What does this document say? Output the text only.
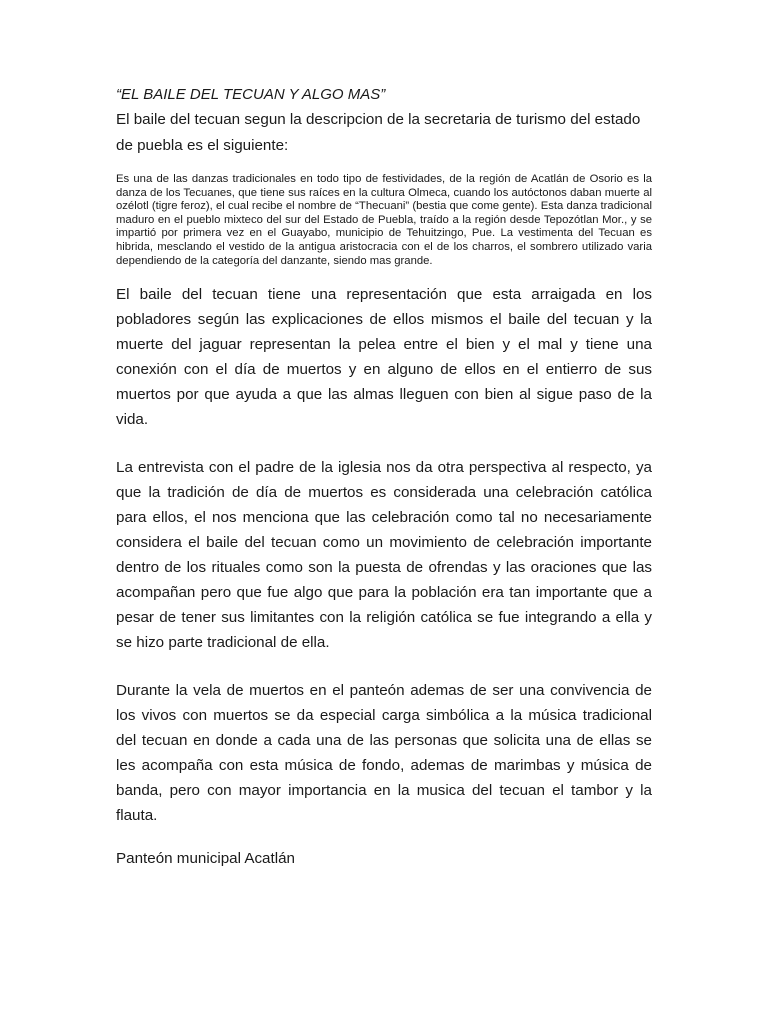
“EL BAILE DEL TECUAN Y ALGO MAS”

El baile del tecuan segun la descripcion de la secretaria de turismo del estado de puebla es el siguiente:

Es una de las danzas tradicionales en todo tipo de festividades, de la región de Acatlán de Osorio es la danza de los Tecuanes, que tiene sus raíces en la cultura Olmeca, cuando los autóctonos daban muerte al ozélotl (tigre feroz), el cual recibe el nombre de “Thecuani” (bestia que come gente). Esta danza tradicional maduro en el pueblo mixteco del sur del Estado de Puebla, traído a la región desde Tepozótlan Mor., y se impartió por primera vez en el Guayabo, municipio de Tehuitzingo, Pue. La vestimenta del Tecuan es hibrida, mesclando el vestido de la antigua aristocracia con el de los charros, el sombrero utilizado varia dependiendo de la categoría del danzante, siendo mas grande.

El baile del tecuan tiene una representación que esta arraigada en los pobladores según las explicaciones de ellos mismos el baile del tecuan y la muerte del jaguar representan la pelea entre el bien y el mal y tiene una conexión con el día de muertos y en alguno de ellos en el entierro de sus muertos por que ayuda a que las almas lleguen con bien al sigue paso de la vida.

La entrevista con el padre de la iglesia nos da otra perspectiva al respecto, ya que la tradición de día de muertos es considerada una celebración católica para ellos, el nos menciona que las celebración como tal no necesariamente considera el baile del tecuan como un movimiento de celebración importante dentro de los rituales como son la puesta de ofrendas y las oraciones que las acompañan pero que fue algo que para la población era tan importante que a pesar de tener sus limitantes con la religión católica se fue integrando a ella y se hizo parte tradicional de ella.

Durante la vela de muertos en el panteón ademas de ser una convivencia de los vivos con muertos se da especial carga simbólica a la música tradicional del tecuan en donde a cada una de las personas que solicita una de ellas se les acompaña con esta música de fondo, ademas de marimbas y música de banda, pero con mayor importancia en la musica del tecuan el tambor y la flauta.

Panteón municipal Acatlán
